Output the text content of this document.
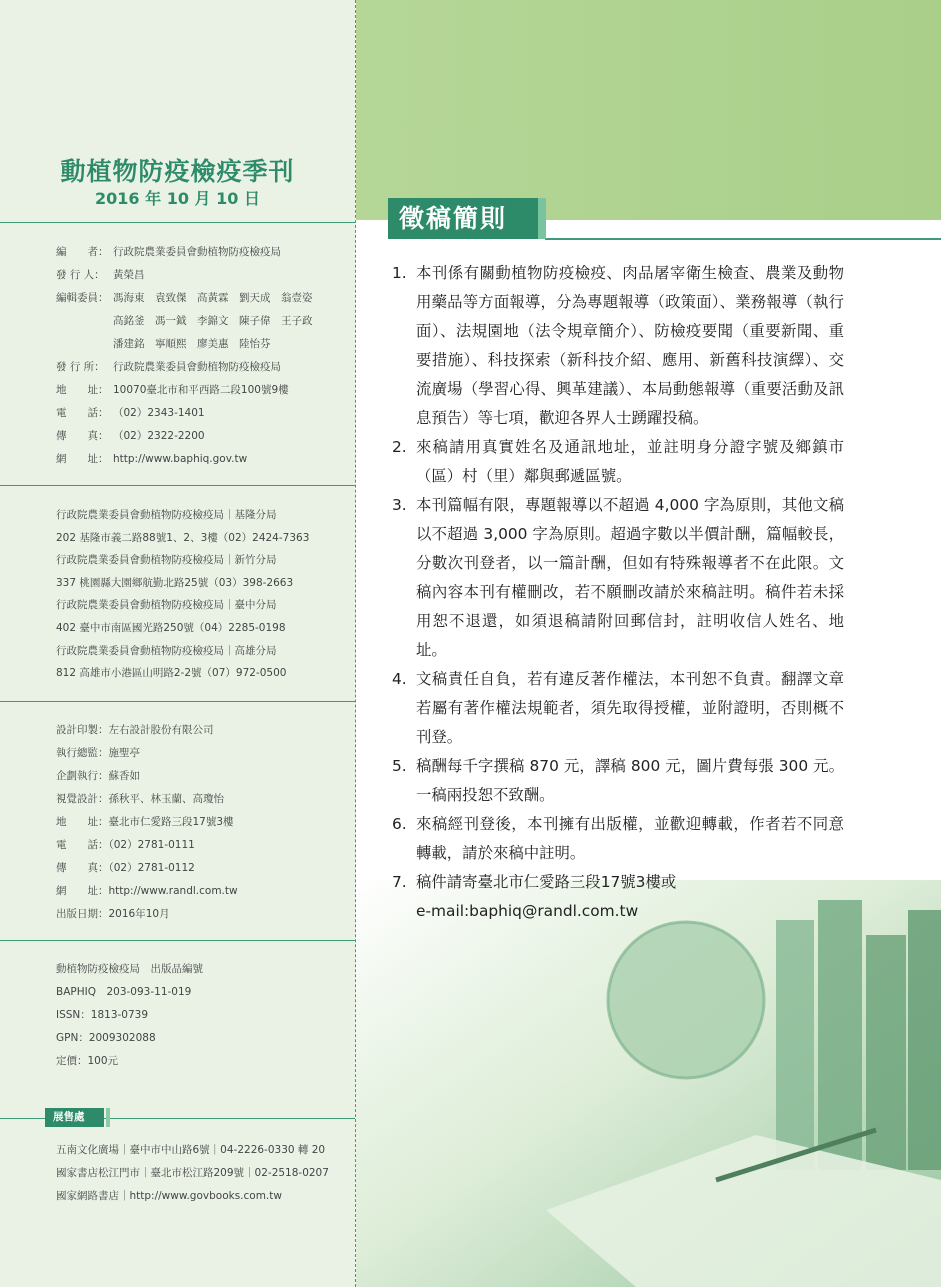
動植物防疫檢疫季刊
2016 年 10 月 10 日
編　　者： 行政院農業委員會動植物防疫檢疫局
發 行 人： 黃榮昌
編輯委員： 馮海東　袁致傑　高黃霖　劉天成　翁壹姿
高銘釜　馮一鉞　李錦文　陳子偉　王子政
潘建銘　寧順熙　廖美惠　陸怡芬
發 行 所： 行政院農業委員會動植物防疫檢疫局
地　　址： 10070臺北市和平西路二段100號9樓
電　　話： （02）2343-1401
傳　　真： （02）2322-2200
網　　址： http://www.baphiq.gov.tw
行政院農業委員會動植物防疫檢疫局｜基隆分局
202 基隆市義二路88號1、2、3樓（02）2424-7363
行政院農業委員會動植物防疫檢疫局｜新竹分局
337 桃園縣大園鄉航勤北路25號（03）398-2663
行政院農業委員會動植物防疫檢疫局｜臺中分局
402 臺中市南區國光路250號（04）2285-0198
行政院農業委員會動植物防疫檢疫局｜高雄分局
812 高雄市小港區山明路2-2號（07）972-0500
設計印製：左右設計股份有限公司
執行總監：施聖亭
企劃執行：蘇香如
視覺設計：孫秋平、林玉蘭、高瓊怡
地　　址：臺北市仁愛路三段17號3樓
電　　話：（02）2781-0111
傳　　真：（02）2781-0112
網　　址：http://www.randl.com.tw
出版日期：2016年10月
動植物防疫檢疫局　出版品編號
BAPHIQ　203-093-11-019
ISSN：1813-0739
GPN：2009302088
定價：100元
展售處
五南文化廣場｜臺中市中山路6號｜04-2226-0330 轉 20
國家書店松江門市｜臺北市松江路209號｜02-2518-0207
國家網路書店｜http://www.govbooks.com.tw
徵稿簡則
1. 本刊係有關動植物防疫檢疫、肉品屠宰衛生檢查、農業及動物用藥品等方面報導，分為專題報導（政策面）、業務報導（執行面）、法規園地（法令規章簡介）、防檢疫要聞（重要新聞、重要措施）、科技探索（新科技介紹、應用、新舊科技演繹）、交流廣場（學習心得、興革建議）、本局動態報導（重要活動及訊息預告）等七項，歡迎各界人士踴躍投稿。
2. 來稿請用真實姓名及通訊地址，並註明身分證字號及鄉鎮市（區）村（里）鄰與郵遞區號。
3. 本刊篇幅有限，專題報導以不超過 4,000 字為原則，其他文稿以不超過 3,000 字為原則。超過字數以半價計酬，篇幅較長，分數次刊登者，以一篇計酬，但如有特殊報導者不在此限。文稿內容本刊有權刪改，若不願刪改請於來稿註明。稿件若未採用恕不退還，如須退稿請附回郵信封，註明收信人姓名、地址。
4. 文稿責任自負，若有違反著作權法，本刊恕不負責。翻譯文章若屬有著作權法規範者，須先取得授權，並附證明，否則概不刊登。
5. 稿酬每千字撰稿 870 元，譯稿 800 元，圖片費每張 300 元。一稿兩投恕不致酬。
6. 來稿經刊登後，本刊擁有出版權，並歡迎轉載，作者若不同意轉載，請於來稿中註明。
7. 稿件請寄臺北市仁愛路三段17號3樓或
e-mail:baphiq@randl.com.tw
